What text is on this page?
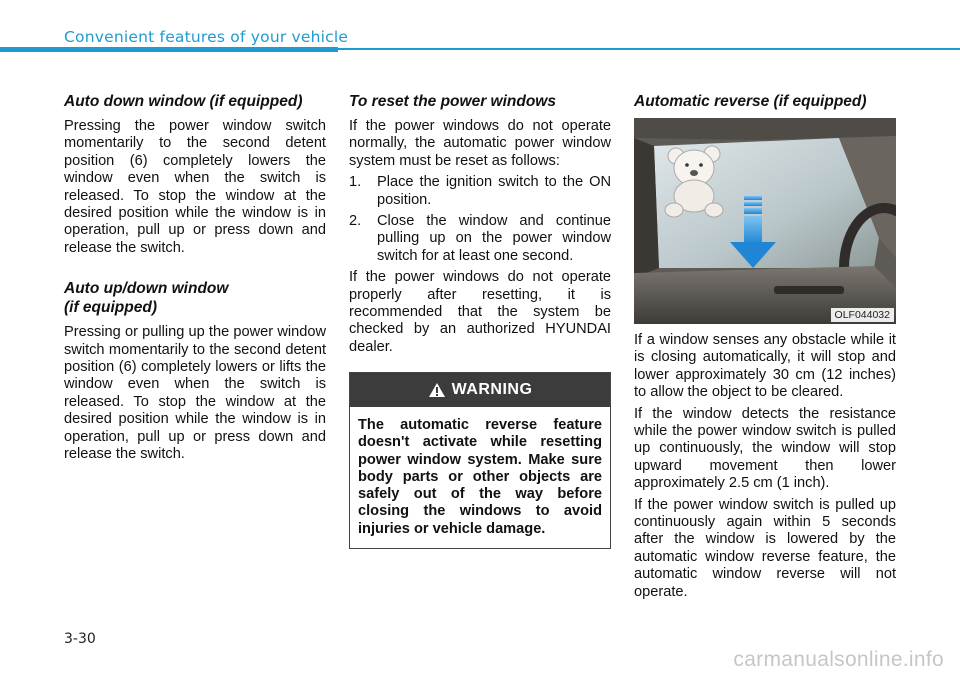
Convenient features of your vehicle
Auto down window (if equipped)

Pressing the power window switch momentarily to the second detent position (6) completely lowers the window even when the switch is released. To stop the window at the desired position while the window is in operation, pull up or press down and release the switch.

Auto up/down window
(if equipped)

Pressing or pulling up the power window switch momentarily to the second detent position (6) completely lowers or lifts the window even when the switch is released. To stop the window at the desired position while the window is in operation, pull up or press down and release the switch.

To reset the power windows

If the power windows do not operate normally, the automatic power window system must be reset as follows:

1. Place the ignition switch to the ON position.
2. Close the window and continue pulling up on the power window switch for at least one second.

If the power windows do not operate properly after resetting, it is recommended that the system be checked by an authorized HYUNDAI dealer.

WARNING
The automatic reverse feature doesn't activate while resetting power window system. Make sure body parts or other objects are safely out of the way before closing the windows to avoid injuries or vehicle damage.
Automatic reverse (if equipped)
OLF044032

If a window senses any obstacle while it is closing automatically, it will stop and lower approximately 30 cm (12 inches) to allow the object to be cleared.

If the window detects the resistance while the power window switch is pulled up continuously, the window will stop upward movement then lower approximately 2.5 cm (1 inch).

If the power window switch is pulled up continuously again within 5 seconds after the window is lowered by the automatic window reverse feature, the automatic window reverse will not operate.

3-30
carmanualsonline.info
